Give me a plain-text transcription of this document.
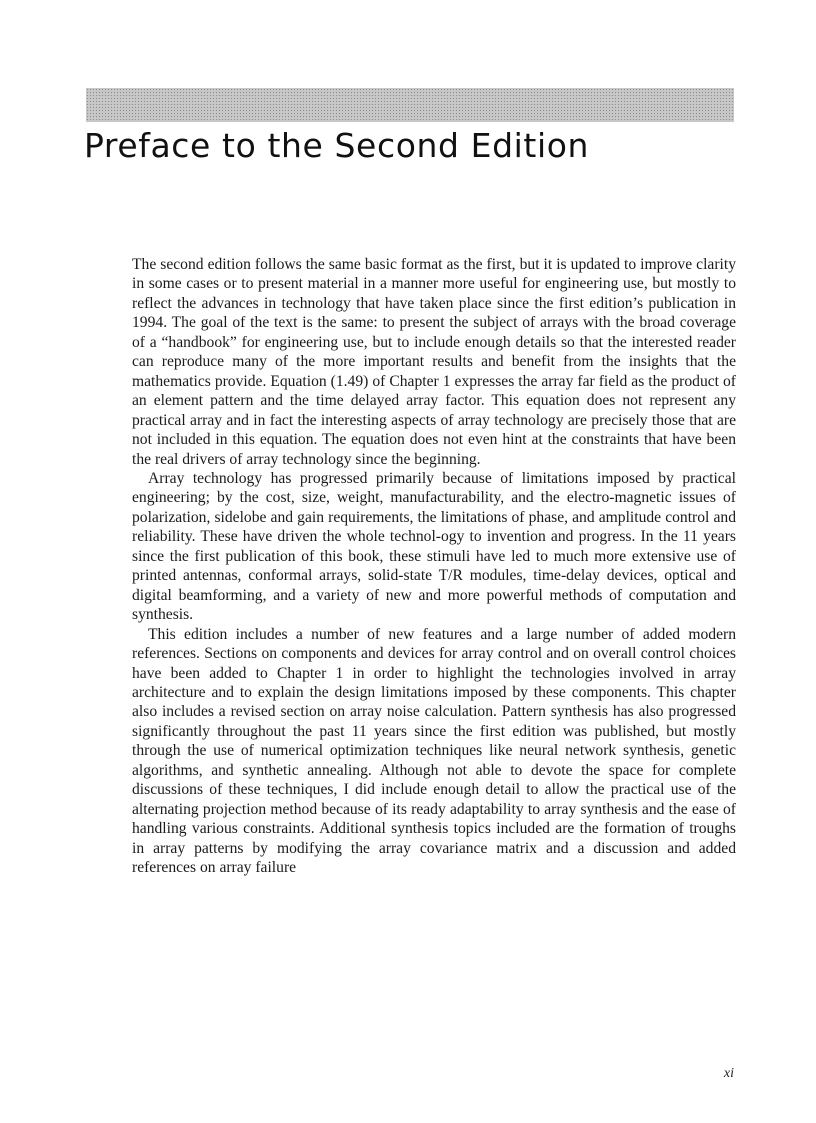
Preface to the Second Edition

The second edition follows the same basic format as the first, but it is updated to improve clarity in some cases or to present material in a manner more useful for engineering use, but mostly to reflect the advances in technology that have taken place since the first edition’s publication in 1994. The goal of the text is the same: to present the subject of arrays with the broad coverage of a “handbook” for engineering use, but to include enough details so that the interested reader can reproduce many of the more important results and benefit from the insights that the mathematics provide. Equation (1.49) of Chapter 1 expresses the array far field as the product of an element pattern and the time delayed array factor. This equation does not represent any practical array and in fact the interesting aspects of array technology are precisely those that are not included in this equation. The equation does not even hint at the constraints that have been the real drivers of array technology since the beginning.

Array technology has progressed primarily because of limitations imposed by practical engineering; by the cost, size, weight, manufacturability, and the electro-magnetic issues of polarization, sidelobe and gain requirements, the limitations of phase, and amplitude control and reliability. These have driven the whole technol-ogy to invention and progress. In the 11 years since the first publication of this book, these stimuli have led to much more extensive use of printed antennas, conformal arrays, solid-state T/R modules, time-delay devices, optical and digital beamforming, and a variety of new and more powerful methods of computation and synthesis.

This edition includes a number of new features and a large number of added modern references. Sections on components and devices for array control and on overall control choices have been added to Chapter 1 in order to highlight the technologies involved in array architecture and to explain the design limitations imposed by these components. This chapter also includes a revised section on array noise calculation. Pattern synthesis has also progressed significantly throughout the past 11 years since the first edition was published, but mostly through the use of numerical optimization techniques like neural network synthesis, genetic algorithms, and synthetic annealing. Although not able to devote the space for complete discussions of these techniques, I did include enough detail to allow the practical use of the alternating projection method because of its ready adaptability to array synthesis and the ease of handling various constraints. Additional synthesis topics included are the formation of troughs in array patterns by modifying the array covariance matrix and a discussion and added references on array failure

xi
